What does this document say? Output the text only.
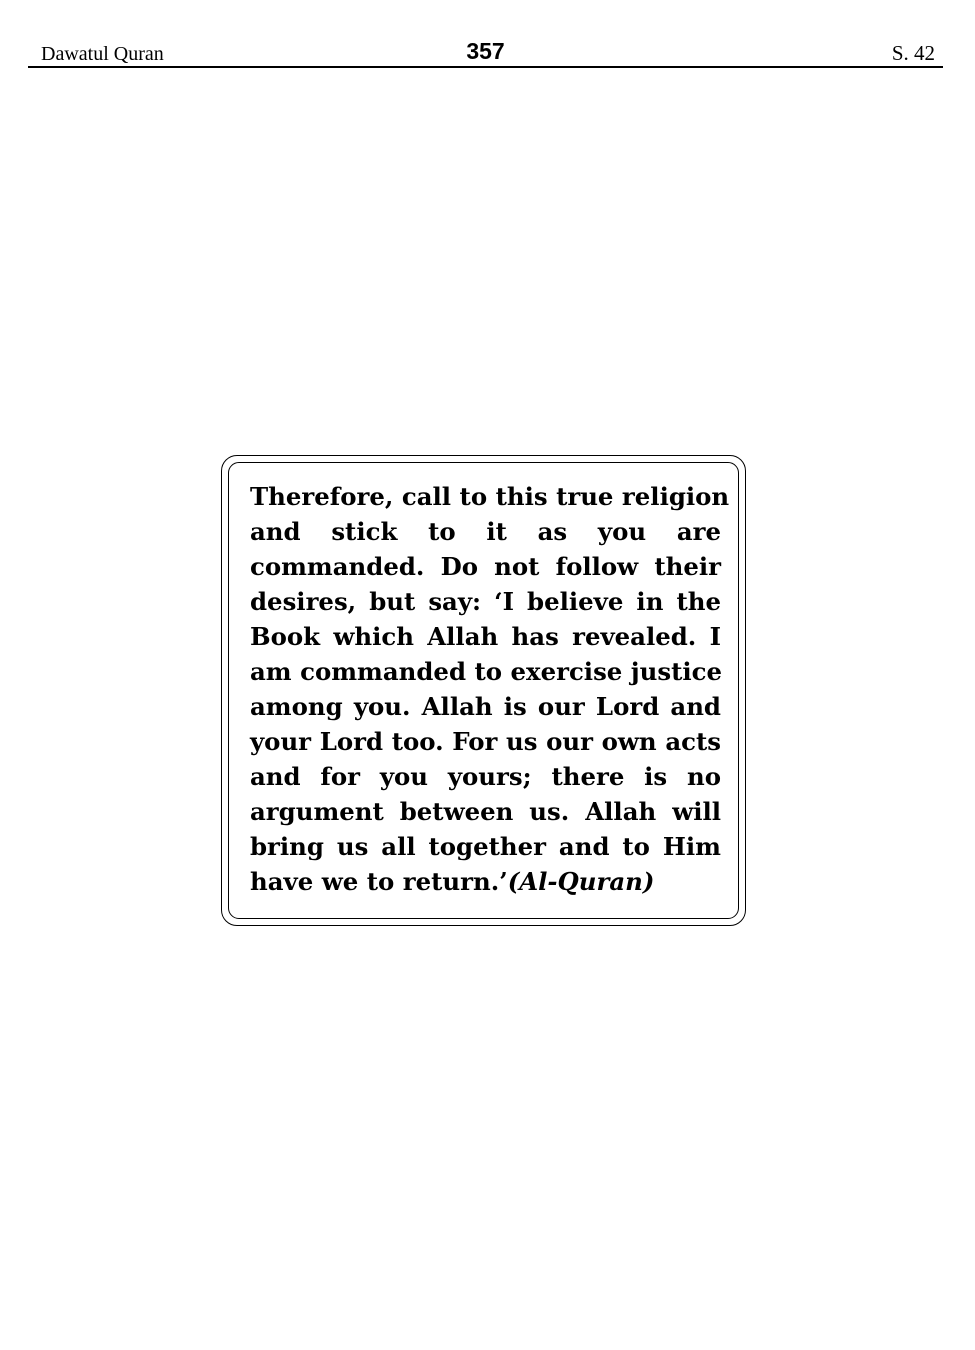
Dawatul Quran	357	S. 42
Therefore, call to this true religion
and stick to it as you are
commanded. Do not follow their
desires, but say: ‘I believe in the
Book which Allah has revealed. I
am commanded to exercise justice
among you. Allah is our Lord and
your Lord too. For us our own acts
and for you yours; there is no
argument between us. Allah will
bring us all together and to Him
have we to return.’(Al-Quran)
